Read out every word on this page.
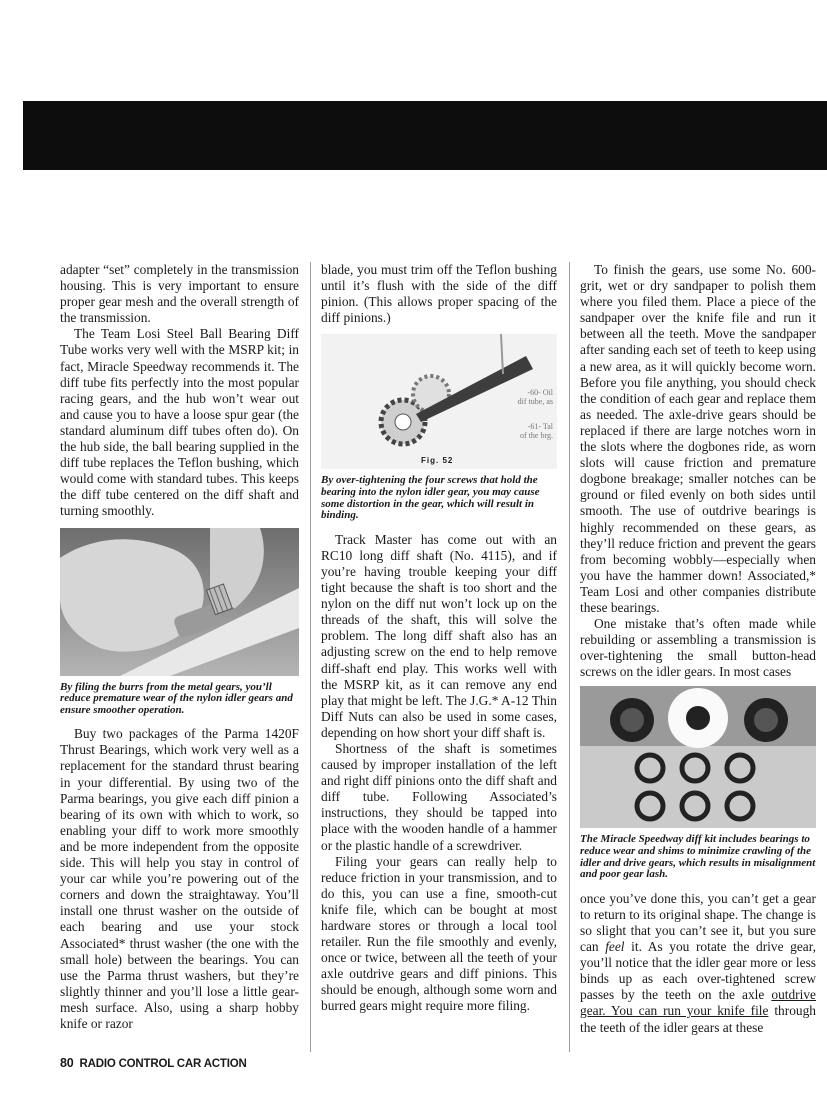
adapter “set” completely in the transmission housing. This is very important to ensure proper gear mesh and the overall strength of the transmission.

The Team Losi Steel Ball Bearing Diff Tube works very well with the MSRP kit; in fact, Miracle Speedway recommends it. The diff tube fits perfectly into the most popular racing gears, and the hub won’t wear out and cause you to have a loose spur gear (the standard aluminum diff tubes often do). On the hub side, the ball bearing supplied in the diff tube replaces the Teflon bushing, which would come with standard tubes. This keeps the diff tube centered on the diff shaft and turning smoothly.

By filing the burrs from the metal gears, you’ll reduce premature wear of the nylon idler gears and ensure smoother operation.

Buy two packages of the Parma 1420F Thrust Bearings, which work very well as a replacement for the standard thrust bearing in your differential. By using two of the Parma bearings, you give each diff pinion a bearing of its own with which to work, so enabling your diff to work more smoothly and be more independent from the opposite side. This will help you stay in control of your car while you’re powering out of the corners and down the straightaway. You’ll install one thrust washer on the outside of each bearing and use your stock Associated* thrust washer (the one with the small hole) between the bearings. You can use the Parma thrust washers, but they’re slightly thinner and you’ll lose a little gear-mesh surface. Also, using a sharp hobby knife or razor

blade, you must trim off the Teflon bushing until it’s flush with the side of the diff pinion. (This allows proper spacing of the diff pinions.)

-60- Oil
dif tube, as
-61- Tal
of the brg.
Fig. 52
By over-tightening the four screws that hold the bearing into the nylon idler gear, you may cause some distortion in the gear, which will result in binding.

Track Master has come out with an RC10 long diff shaft (No. 4115), and if you’re having trouble keeping your diff tight because the shaft is too short and the nylon on the diff nut won’t lock up on the threads of the shaft, this will solve the problem. The long diff shaft also has an adjusting screw on the end to help remove diff-shaft end play. This works well with the MSRP kit, as it can remove any end play that might be left. The J.G.* A-12 Thin Diff Nuts can also be used in some cases, depending on how short your diff shaft is.

Shortness of the shaft is sometimes caused by improper installation of the left and right diff pinions onto the diff shaft and diff tube. Following Associated’s instructions, they should be tapped into place with the wooden handle of a hammer or the plastic handle of a screwdriver.

Filing your gears can really help to reduce friction in your transmission, and to do this, you can use a fine, smooth-cut knife file, which can be bought at most hardware stores or through a local tool retailer. Run the file smoothly and evenly, once or twice, between all the teeth of your axle outdrive gears and diff pinions. This should be enough, although some worn and burred gears might require more filing.

To finish the gears, use some No. 600-grit, wet or dry sandpaper to polish them where you filed them. Place a piece of the sandpaper over the knife file and run it between all the teeth. Move the sandpaper after sanding each set of teeth to keep using a new area, as it will quickly become worn. Before you file anything, you should check the condition of each gear and replace them as needed. The axle-drive gears should be replaced if there are large notches worn in the slots where the dogbones ride, as worn slots will cause friction and premature dogbone breakage; smaller notches can be ground or filed evenly on both sides until smooth. The use of outdrive bearings is highly recommended on these gears, as they’ll reduce friction and prevent the gears from becoming wobbly—especially when you have the hammer down! Associated,* Team Losi and other companies distribute these bearings.

One mistake that’s often made while rebuilding or assembling a transmission is over-tightening the small button-head screws on the idler gears. In most cases

The Miracle Speedway diff kit includes bearings to reduce wear and shims to minimize crawling of the idler and drive gears, which results in misalignment and poor gear lash.

once you’ve done this, you can’t get a gear to return to its original shape. The change is so slight that you can’t see it, but you sure can feel it. As you rotate the drive gear, you’ll notice that the idler gear more or less binds up as each over-tightened screw passes by the teeth on the axle outdrive gear. You can run your knife file through the teeth of the idler gears at these

80 RADIO CONTROL CAR ACTION
